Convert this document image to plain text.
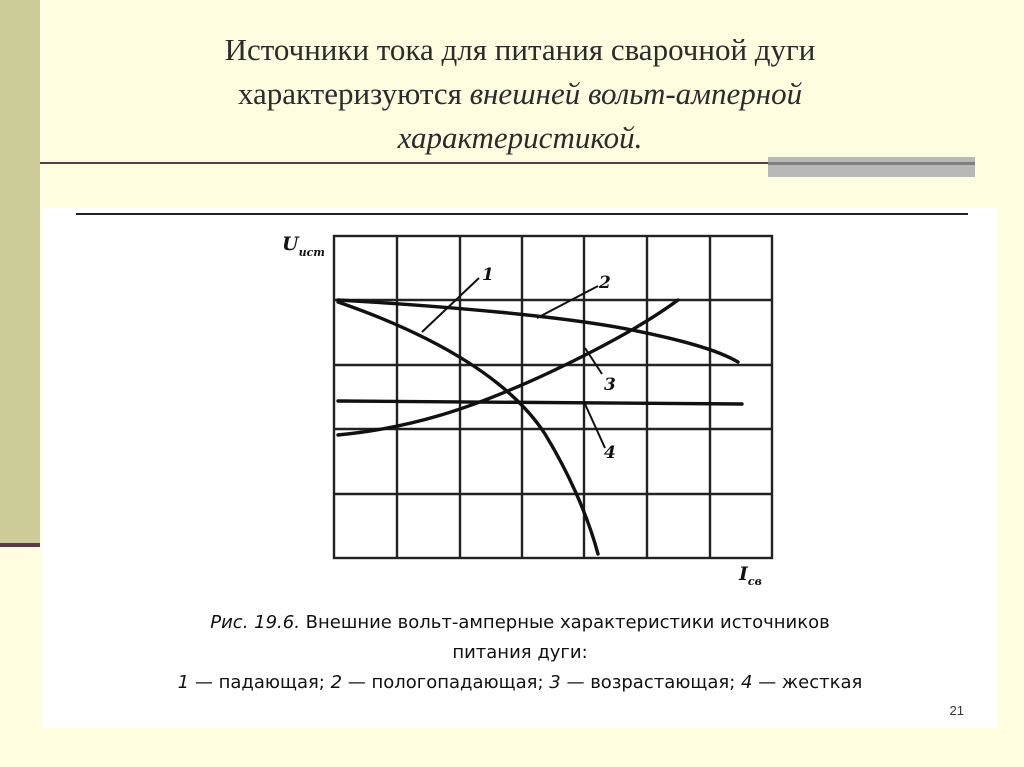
Источники тока для питания сварочной дуги
характеризуются внешней вольт-амперной
характеристикой.
1	2
3
4
$U_{ист}$
$I_{св}$
Рис. 19.6. Внешние вольт-амперные характеристики источников
питания дуги:
1 — падающая; 2 — пологопадающая; 3 — возрастающая; 4 — жесткая
21
